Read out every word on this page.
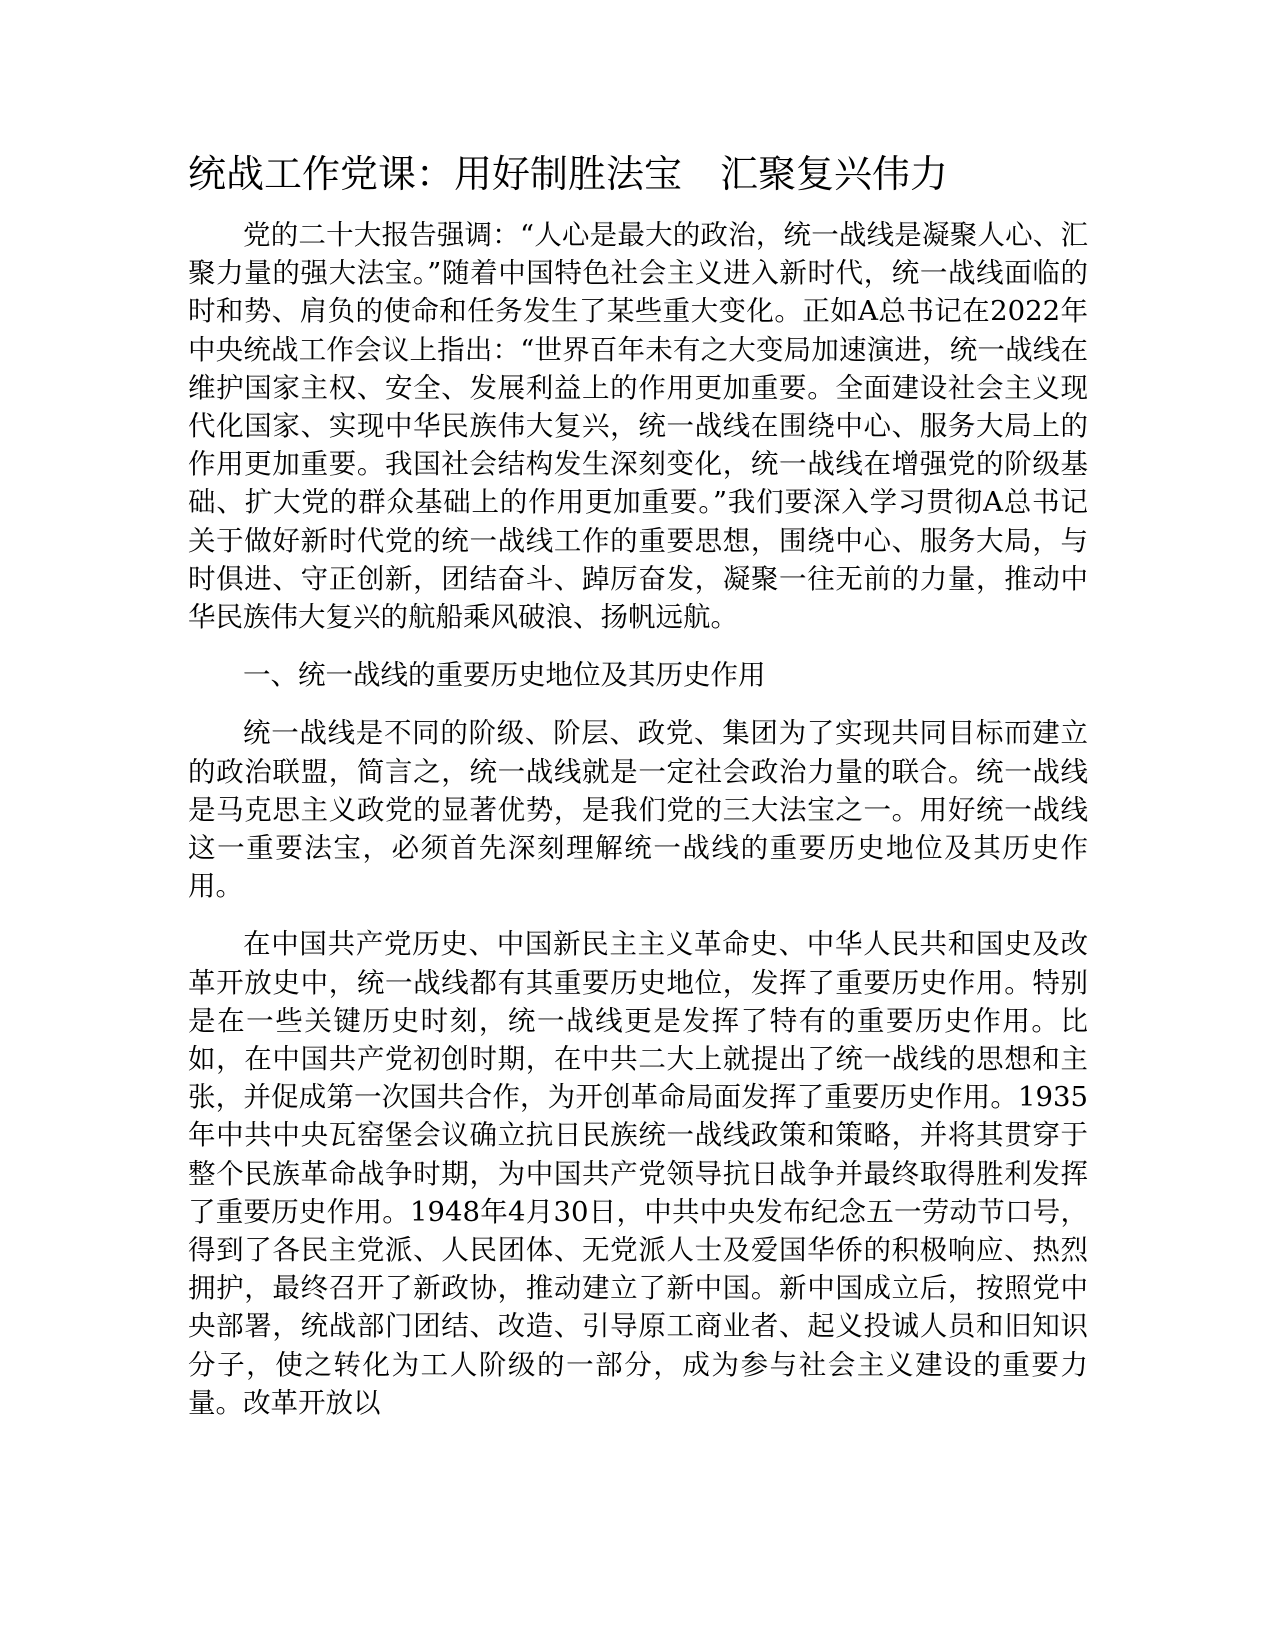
统战工作党课：用好制胜法宝　汇聚复兴伟力

党的二十大报告强调：“人心是最大的政治，统一战线是凝聚人心、汇聚力量的强大法宝。”随着中国特色社会主义进入新时代，统一战线面临的时和势、肩负的使命和任务发生了某些重大变化。正如A总书记在2022年中央统战工作会议上指出：“世界百年未有之大变局加速演进，统一战线在维护国家主权、安全、发展利益上的作用更加重要。全面建设社会主义现代化国家、实现中华民族伟大复兴，统一战线在围绕中心、服务大局上的作用更加重要。我国社会结构发生深刻变化，统一战线在增强党的阶级基础、扩大党的群众基础上的作用更加重要。”我们要深入学习贯彻A总书记关于做好新时代党的统一战线工作的重要思想，围绕中心、服务大局，与时俱进、守正创新，团结奋斗、踔厉奋发，凝聚一往无前的力量，推动中华民族伟大复兴的航船乘风破浪、扬帆远航。

一、统一战线的重要历史地位及其历史作用

统一战线是不同的阶级、阶层、政党、集团为了实现共同目标而建立的政治联盟，简言之，统一战线就是一定社会政治力量的联合。统一战线是马克思主义政党的显著优势，是我们党的三大法宝之一。用好统一战线这一重要法宝，必须首先深刻理解统一战线的重要历史地位及其历史作用。

在中国共产党历史、中国新民主主义革命史、中华人民共和国史及改革开放史中，统一战线都有其重要历史地位，发挥了重要历史作用。特别是在一些关键历史时刻，统一战线更是发挥了特有的重要历史作用。比如，在中国共产党初创时期，在中共二大上就提出了统一战线的思想和主张，并促成第一次国共合作，为开创革命局面发挥了重要历史作用。1935年中共中央瓦窑堡会议确立抗日民族统一战线政策和策略，并将其贯穿于整个民族革命战争时期，为中国共产党领导抗日战争并最终取得胜利发挥了重要历史作用。1948年4月30日，中共中央发布纪念五一劳动节口号，得到了各民主党派、人民团体、无党派人士及爱国华侨的积极响应、热烈拥护，最终召开了新政协，推动建立了新中国。新中国成立后，按照党中央部署，统战部门团结、改造、引导原工商业者、起义投诚人员和旧知识分子，使之转化为工人阶级的一部分，成为参与社会主义建设的重要力量。改革开放以
